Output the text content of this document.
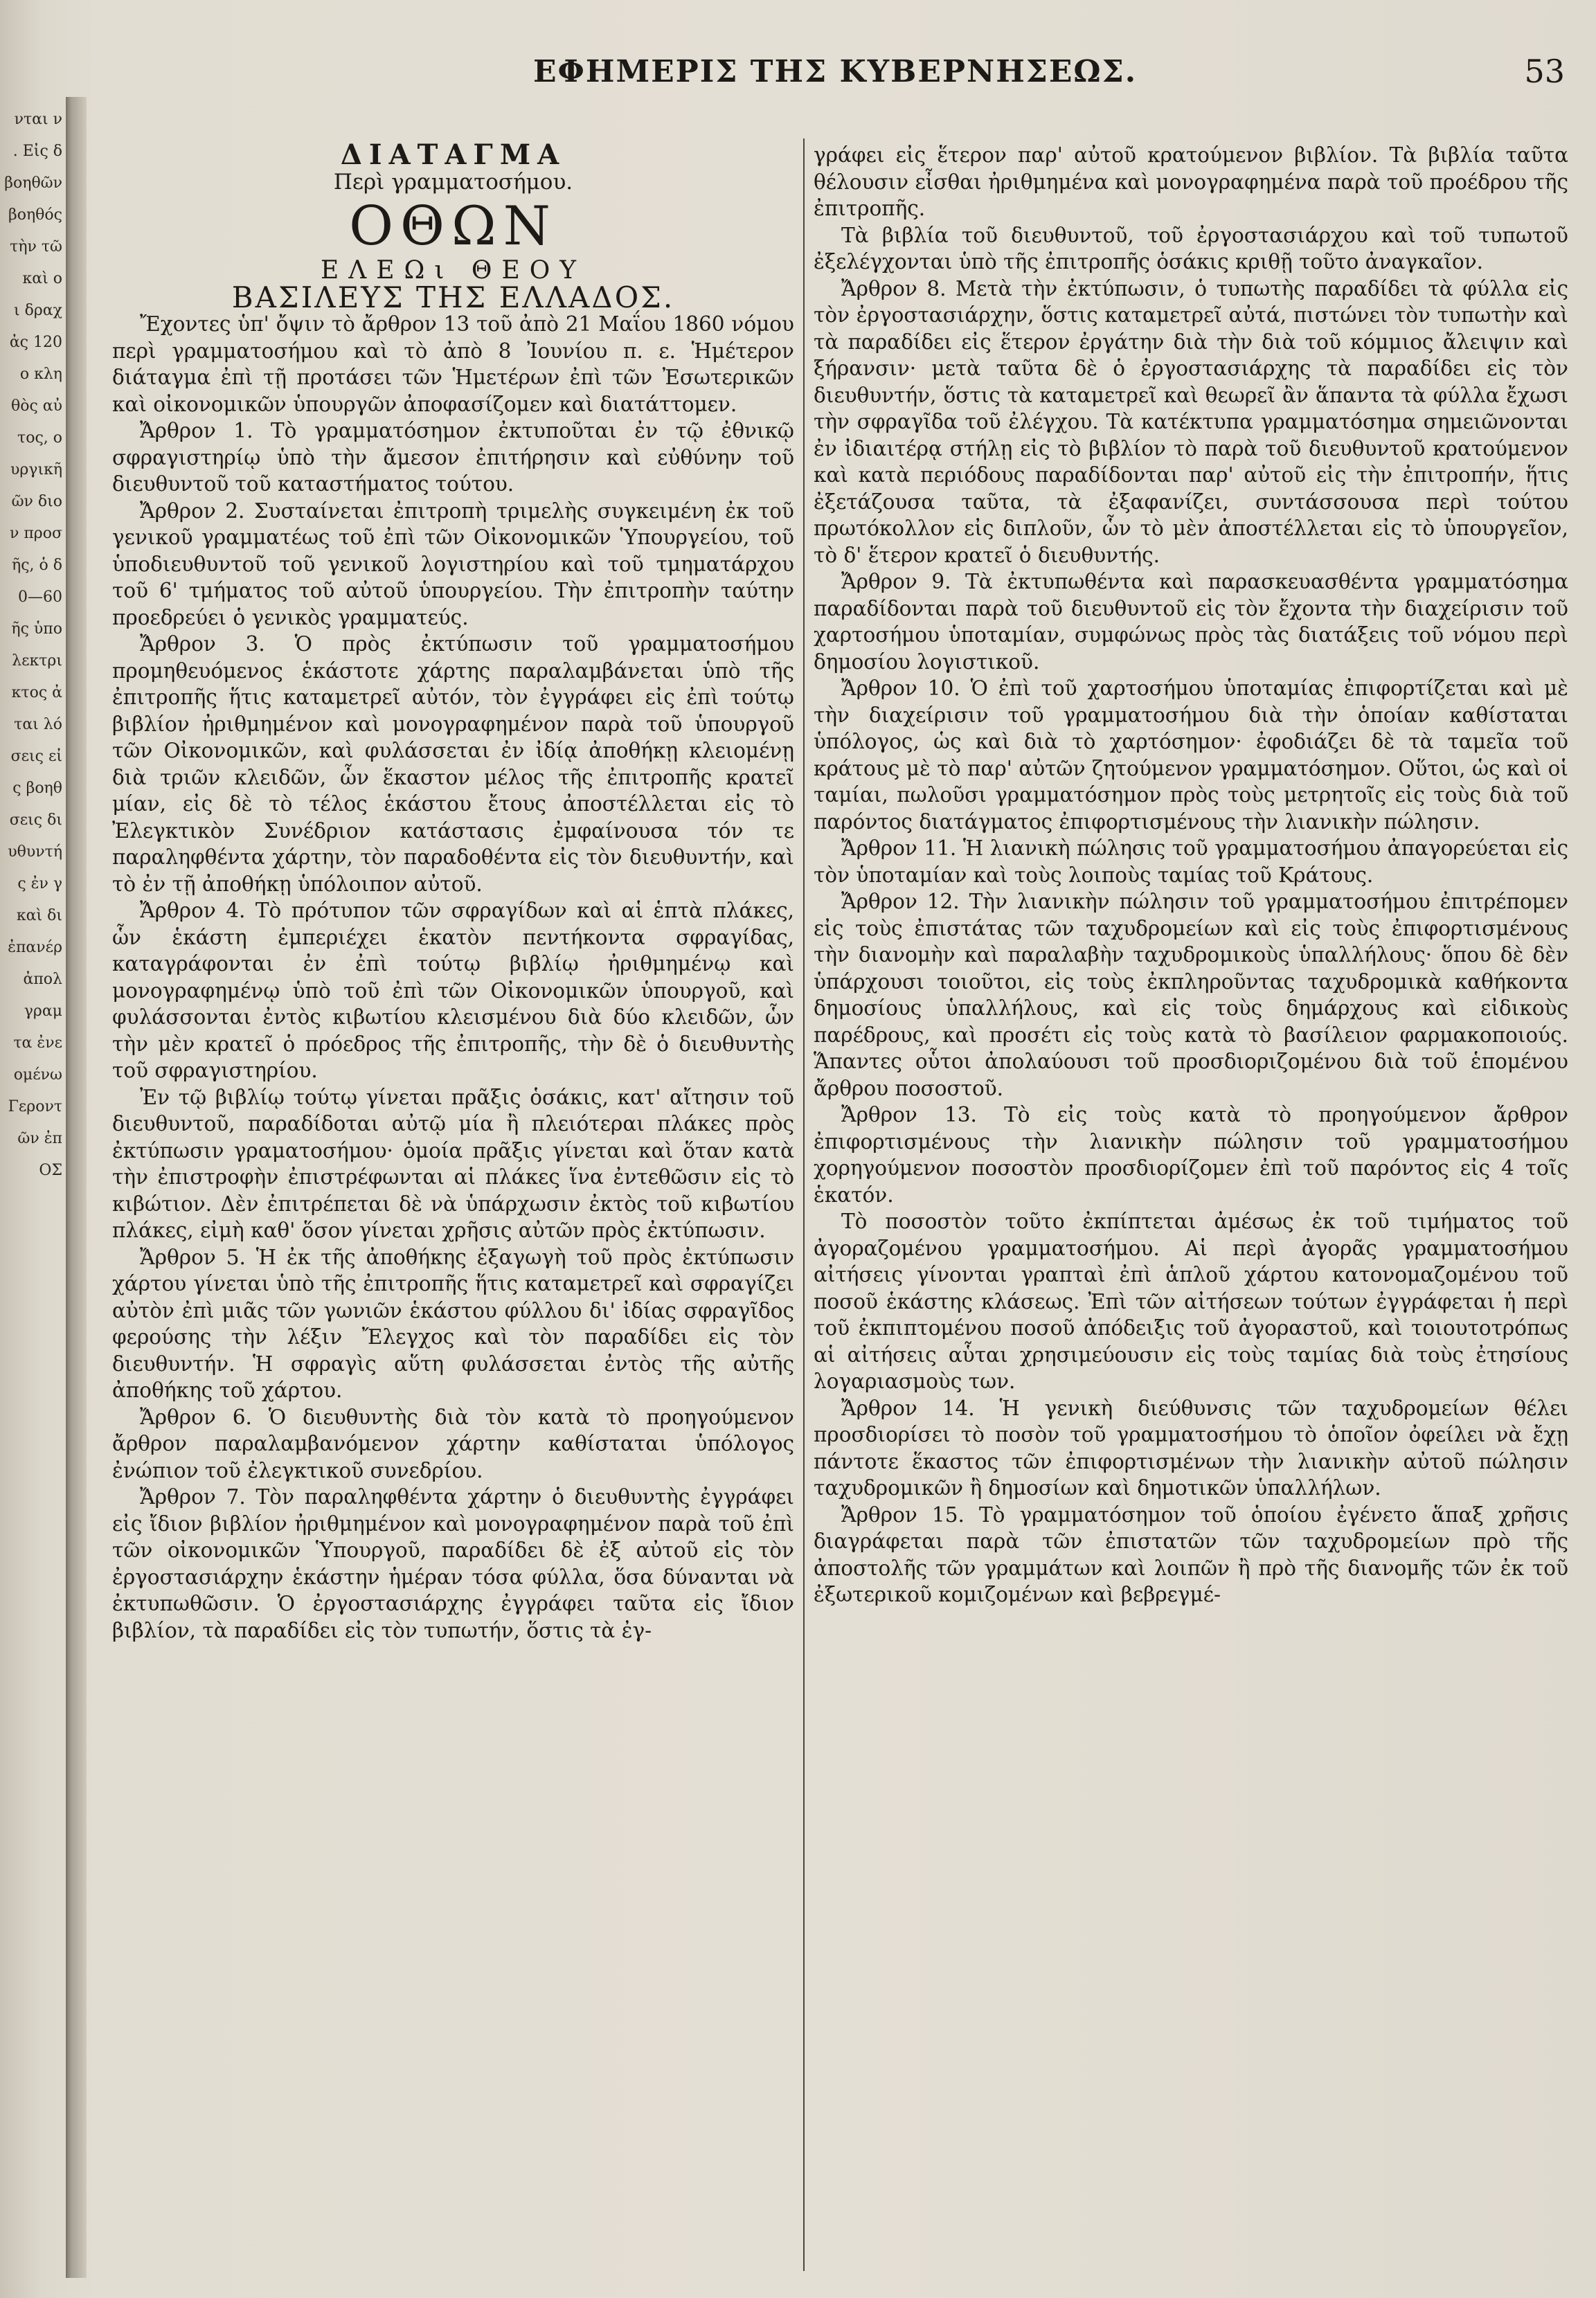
νται ν
. Εἰς δ
βοηθῶν
βοηθός
τὴν τῶ
καὶ ο
ι δραχ
ἀς 120
ο κλη
θὸς αὐ
τος, ο
υργικῆ
ῶν διο
ν προσ
ῆς, ὁ δ
0—60
ῆς ὑπο
λεκτρι
κτος ἀ
ται λό
σεις εἰ
ς βοηθ
σεις δι
υθυντή
ς ἐν γ
καὶ δι
ἐπανέρ
ἀπολ
γραμ
τα ἐνε
ομένω
Γεροντ
ῶν ἐπ
ΟΣ
ΕΦΗΜΕΡΙΣ ΤΗΣ ΚΥΒΕΡΝΗΣΕΩΣ.	53

ΔΙΑΤΑΓΜΑ

Περὶ γραμματοσήμου.

ΟΘΩΝ

ΕΛΕΩι ΘΕΟΥ

ΒΑΣΙΛΕΥΣ ΤΗΣ ΕΛΛΑΔΟΣ.

Ἔχοντες ὑπ' ὄψιν τὸ ἄρθρον 13 τοῦ ἀπὸ 21 Μαΐου 1860 νόμου περὶ γραμματοσήμου καὶ τὸ ἀπὸ 8 Ἰουνίου π. ε. Ἡμέτερον διάταγμα ἐπὶ τῇ προτάσει τῶν Ἡμετέρων ἐπὶ τῶν Ἐσωτερικῶν καὶ οἰκονομικῶν ὑπουργῶν ἀποφασίζομεν καὶ διατάττομεν.

Ἄρθρον 1. Τὸ γραμματόσημον ἐκτυποῦται ἐν τῷ ἐθνικῷ σφραγιστηρίῳ ὑπὸ τὴν ἄμεσον ἐπιτήρησιν καὶ εὐθύνην τοῦ διευθυντοῦ τοῦ καταστήματος τούτου.

Ἄρθρον 2. Συσταίνεται ἐπιτροπὴ τριμελὴς συγκειμένη ἐκ τοῦ γενικοῦ γραμματέως τοῦ ἐπὶ τῶν Οἰκονομικῶν Ὑπουργείου, τοῦ ὑποδιευθυντοῦ τοῦ γενικοῦ λογιστηρίου καὶ τοῦ τμηματάρχου τοῦ 6' τμήματος τοῦ αὐτοῦ ὑπουργείου. Τὴν ἐπιτροπὴν ταύτην προεδρεύει ὁ γενικὸς γραμματεύς.

Ἄρθρον 3. Ὁ πρὸς ἐκτύπωσιν τοῦ γραμματοσήμου προμηθευόμενος ἑκάστοτε χάρτης παραλαμβάνεται ὑπὸ τῆς ἐπιτροπῆς ἥτις καταμετρεῖ αὐτόν, τὸν ἐγγράφει εἰς ἐπὶ τούτῳ βιβλίον ἠριθμημένον καὶ μονογραφημένον παρὰ τοῦ ὑπουργοῦ τῶν Οἰκονομικῶν, καὶ φυλάσσεται ἐν ἰδίᾳ ἀποθήκῃ κλειομένῃ διὰ τριῶν κλειδῶν, ὧν ἕκαστον μέλος τῆς ἐπιτροπῆς κρατεῖ μίαν, εἰς δὲ τὸ τέλος ἑκάστου ἔτους ἀποστέλλεται εἰς τὸ Ἐλεγκτικὸν Συνέδριον κατάστασις ἐμφαίνουσα τόν τε παραληφθέντα χάρτην, τὸν παραδοθέντα εἰς τὸν διευθυντήν, καὶ τὸ ἐν τῇ ἀποθήκῃ ὑπόλοιπον αὐτοῦ.

Ἄρθρον 4. Τὸ πρότυπον τῶν σφραγίδων καὶ αἱ ἑπτὰ πλάκες, ὧν ἑκάστη ἐμπεριέχει ἑκατὸν πεντήκοντα σφραγίδας, καταγράφονται ἐν ἐπὶ τούτῳ βιβλίῳ ἠριθμημένῳ καὶ μονογραφημένῳ ὑπὸ τοῦ ἐπὶ τῶν Οἰκονομικῶν ὑπουργοῦ, καὶ φυλάσσονται ἐντὸς κιβωτίου κλεισμένου διὰ δύο κλειδῶν, ὧν τὴν μὲν κρατεῖ ὁ πρόεδρος τῆς ἐπιτροπῆς, τὴν δὲ ὁ διευθυντὴς τοῦ σφραγιστηρίου.

Ἐν τῷ βιβλίῳ τούτῳ γίνεται πρᾶξις ὁσάκις, κατ' αἴτησιν τοῦ διευθυντοῦ, παραδίδοται αὐτῷ μία ἢ πλειότεραι πλάκες πρὸς ἐκτύπωσιν γραματοσήμου· ὁμοία πρᾶξις γίνεται καὶ ὅταν κατὰ τὴν ἐπιστροφὴν ἐπιστρέφωνται αἱ πλάκες ἵνα ἐντεθῶσιν εἰς τὸ κιβώτιον. Δὲν ἐπιτρέπεται δὲ νὰ ὑπάρχωσιν ἐκτὸς τοῦ κιβωτίου πλάκες, εἰμὴ καθ' ὅσον γίνεται χρῆσις αὐτῶν πρὸς ἐκτύπωσιν.

Ἄρθρον 5. Ἡ ἐκ τῆς ἀποθήκης ἐξαγωγὴ τοῦ πρὸς ἐκτύπωσιν χάρτου γίνεται ὑπὸ τῆς ἐπιτροπῆς ἥτις καταμετρεῖ καὶ σφραγίζει αὐτὸν ἐπὶ μιᾶς τῶν γωνιῶν ἑκάστου φύλλου δι' ἰδίας σφραγῖδος φερούσης τὴν λέξιν Ἔλεγχος καὶ τὸν παραδίδει εἰς τὸν διευθυντήν. Ἡ σφραγὶς αὕτη φυλάσσεται ἐντὸς τῆς αὐτῆς ἀποθήκης τοῦ χάρτου.

Ἄρθρον 6. Ὁ διευθυντὴς διὰ τὸν κατὰ τὸ προηγούμενον ἄρθρον παραλαμβανόμενον χάρτην καθίσταται ὑπόλογος ἐνώπιον τοῦ ἐλεγκτικοῦ συνεδρίου.

Ἄρθρον 7. Τὸν παραληφθέντα χάρτην ὁ διευθυντὴς ἐγγράφει εἰς ἴδιον βιβλίον ἠριθμημένον καὶ μονογραφημένον παρὰ τοῦ ἐπὶ τῶν οἰκονομικῶν Ὑπουργοῦ, παραδίδει δὲ ἐξ αὐτοῦ εἰς τὸν ἐργοστασιάρχην ἑκάστην ἡμέραν τόσα φύλλα, ὅσα δύνανται νὰ ἐκτυπωθῶσιν. Ὁ ἐργοστασιάρχης ἐγγράφει ταῦτα εἰς ἴδιον βιβλίον, τὰ παραδίδει εἰς τὸν τυπωτήν, ὅστις τὰ ἐγ-

γράφει εἰς ἕτερον παρ' αὐτοῦ κρατούμενον βιβλίον. Τὰ βιβλία ταῦτα θέλουσιν εἶσθαι ἠριθμημένα καὶ μονογραφημένα παρὰ τοῦ προέδρου τῆς ἐπιτροπῆς.

Τὰ βιβλία τοῦ διευθυντοῦ, τοῦ ἐργοστασιάρχου καὶ τοῦ τυπωτοῦ ἐξελέγχονται ὑπὸ τῆς ἐπιτροπῆς ὁσάκις κριθῇ τοῦτο ἀναγκαῖον.

Ἄρθρον 8. Μετὰ τὴν ἐκτύπωσιν, ὁ τυπωτὴς παραδίδει τὰ φύλλα εἰς τὸν ἐργοστασιάρχην, ὅστις καταμετρεῖ αὐτά, πιστώνει τὸν τυπωτὴν καὶ τὰ παραδίδει εἰς ἕτερον ἐργάτην διὰ τὴν διὰ τοῦ κόμμιος ἄλειψιν καὶ ξήρανσιν· μετὰ ταῦτα δὲ ὁ ἐργοστασιάρχης τὰ παραδίδει εἰς τὸν διευθυντήν, ὅστις τὰ καταμετρεῖ καὶ θεωρεῖ ἂν ἅπαντα τὰ φύλλα ἔχωσι τὴν σφραγῖδα τοῦ ἐλέγχου. Τὰ κατέκτυπα γραμματόσημα σημειῶνονται ἐν ἰδιαιτέρᾳ στήλῃ εἰς τὸ βιβλίον τὸ παρὰ τοῦ διευθυντοῦ κρατούμενον καὶ κατὰ περιόδους παραδίδονται παρ' αὐτοῦ εἰς τὴν ἐπιτροπήν, ἥτις ἐξετάζουσα ταῦτα, τὰ ἐξαφανίζει, συντάσσουσα περὶ τούτου πρωτόκολλον εἰς διπλοῦν, ὧν τὸ μὲν ἀποστέλλεται εἰς τὸ ὑπουργεῖον, τὸ δ' ἕτερον κρατεῖ ὁ διευθυντής.

Ἄρθρον 9. Τὰ ἐκτυπωθέντα καὶ παρασκευασθέντα γραμματόσημα παραδίδονται παρὰ τοῦ διευθυντοῦ εἰς τὸν ἔχοντα τὴν διαχείρισιν τοῦ χαρτοσήμου ὑποταμίαν, συμφώνως πρὸς τὰς διατάξεις τοῦ νόμου περὶ δημοσίου λογιστικοῦ.

Ἄρθρον 10. Ὁ ἐπὶ τοῦ χαρτοσήμου ὑποταμίας ἐπιφορτίζεται καὶ μὲ τὴν διαχείρισιν τοῦ γραμματοσήμου διὰ τὴν ὁποίαν καθίσταται ὑπόλογος, ὡς καὶ διὰ τὸ χαρτόσημον· ἐφοδιάζει δὲ τὰ ταμεῖα τοῦ κράτους μὲ τὸ παρ' αὐτῶν ζητούμενον γραμματόσημον. Οὕτοι, ὡς καὶ οἱ ταμίαι, πωλοῦσι γραμματόσημον πρὸς τοὺς μετρητοῖς εἰς τοὺς διὰ τοῦ παρόντος διατάγματος ἐπιφορτισμένους τὴν λιανικὴν πώλησιν.

Ἄρθρον 11. Ἡ λιανικὴ πώλησις τοῦ γραμματοσήμου ἀπαγορεύεται εἰς τὸν ὑποταμίαν καὶ τοὺς λοιποὺς ταμίας τοῦ Κράτους.

Ἄρθρον 12. Τὴν λιανικὴν πώλησιν τοῦ γραμματοσήμου ἐπιτρέπομεν εἰς τοὺς ἐπιστάτας τῶν ταχυδρομείων καὶ εἰς τοὺς ἐπιφορτισμένους τὴν διανομὴν καὶ παραλαβὴν ταχυδρομικοὺς ὑπαλλήλους· ὅπου δὲ δὲν ὑπάρχουσι τοιοῦτοι, εἰς τοὺς ἐκπληροῦντας ταχυδρομικὰ καθήκοντα δημοσίους ὑπαλλήλους, καὶ εἰς τοὺς δημάρχους καὶ εἰδικοὺς παρέδρους, καὶ προσέτι εἰς τοὺς κατὰ τὸ βασίλειον φαρμακοποιούς. Ἅπαντες οὗτοι ἀπολαύουσι τοῦ προσδιοριζομένου διὰ τοῦ ἑπομένου ἄρθρου ποσοστοῦ.

Ἄρθρον 13. Τὸ εἰς τοὺς κατὰ τὸ προηγούμενον ἄρθρον ἐπιφορτισμένους τὴν λιανικὴν πώλησιν τοῦ γραμματοσήμου χορηγούμενον ποσοστὸν προσδιορίζομεν ἐπὶ τοῦ παρόντος εἰς 4 τοῖς ἑκατόν.

Τὸ ποσοστὸν τοῦτο ἐκπίπτεται ἀμέσως ἐκ τοῦ τιμήματος τοῦ ἀγοραζομένου γραμματοσήμου. Αἱ περὶ ἀγορᾶς γραμματοσήμου αἰτήσεις γίνονται γραπταὶ ἐπὶ ἁπλοῦ χάρτου κατονομαζομένου τοῦ ποσοῦ ἑκάστης κλάσεως. Ἐπὶ τῶν αἰτήσεων τούτων ἐγγράφεται ἡ περὶ τοῦ ἐκπιπτομένου ποσοῦ ἀπόδειξις τοῦ ἀγοραστοῦ, καὶ τοιουτοτρόπως αἱ αἰτήσεις αὗται χρησιμεύουσιν εἰς τοὺς ταμίας διὰ τοὺς ἐτησίους λογαριασμοὺς των.

Ἄρθρον 14. Ἡ γενικὴ διεύθυνσις τῶν ταχυδρομείων θέλει προσδιορίσει τὸ ποσὸν τοῦ γραμματοσήμου τὸ ὁποῖον ὀφείλει νὰ ἔχῃ πάντοτε ἕκαστος τῶν ἐπιφορτισμένων τὴν λιανικὴν αὐτοῦ πώλησιν ταχυδρομικῶν ἢ δημοσίων καὶ δημοτικῶν ὑπαλλήλων.

Ἄρθρον 15. Τὸ γραμματόσημον τοῦ ὁποίου ἐγένετο ἅπαξ χρῆσις διαγράφεται παρὰ τῶν ἐπιστατῶν τῶν ταχυδρομείων πρὸ τῆς ἀποστολῆς τῶν γραμμάτων καὶ λοιπῶν ἢ πρὸ τῆς διανομῆς τῶν ἐκ τοῦ ἐξωτερικοῦ κομιζομένων καὶ βεβρεγμέ-
